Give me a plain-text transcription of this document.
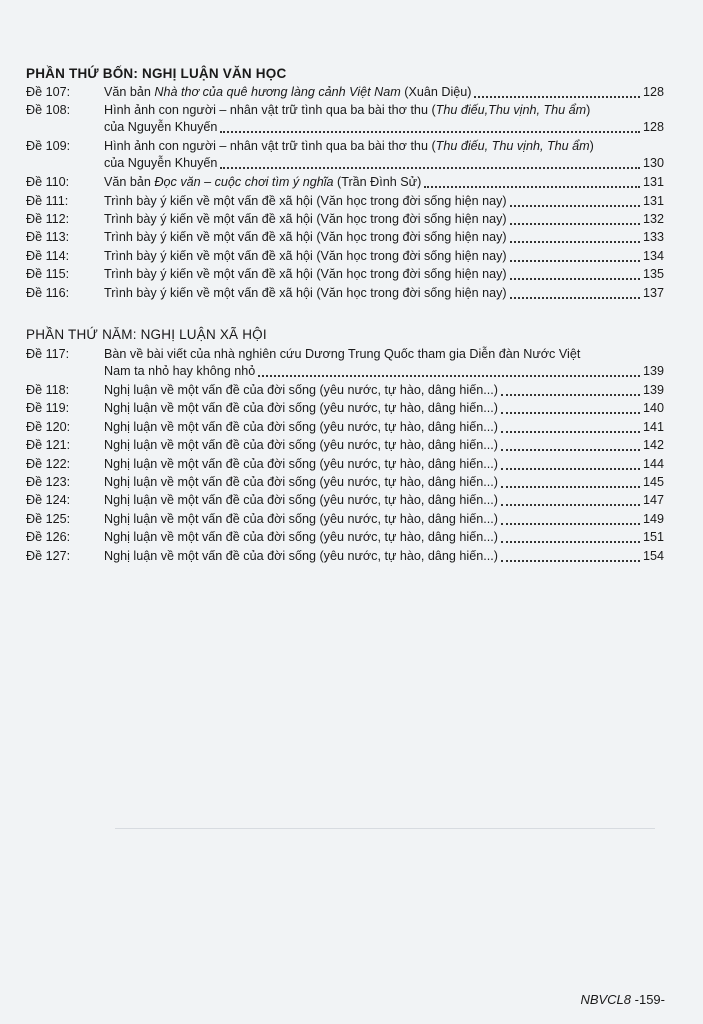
PHẦN THỨ BỐN: NGHỊ LUẬN VĂN HỌC
Đề 107:	Văn bản Nhà thơ của quê hương làng cảnh Việt Nam (Xuân Diệu)	128
Đề 108:	Hình ảnh con người – nhân vật trữ tình qua ba bài thơ thu (Thu điếu,Thu vịnh, Thu ẩm)
của Nguyễn Khuyến	128
Đề 109:	Hình ảnh con người – nhân vật trữ tình qua ba bài thơ thu (Thu điếu, Thu vịnh, Thu ẩm)
của Nguyễn Khuyến	130
Đề 110:	Văn bản Đọc văn – cuộc chơi tìm ý nghĩa (Trần Đình Sử)	131
Đề 111:	Trình bày ý kiến về một vấn đề xã hội (Văn học trong đời sống hiện nay)	131
Đề 112:	Trình bày ý kiến về một vấn đề xã hội (Văn học trong đời sống hiện nay)	132
Đề 113:	Trình bày ý kiến về một vấn đề xã hội (Văn học trong đời sống hiện nay)	133
Đề 114:	Trình bày ý kiến về một vấn đề xã hội (Văn học trong đời sống hiện nay)	134
Đề 115:	Trình bày ý kiến về một vấn đề xã hội (Văn học trong đời sống hiện nay)	135
Đề 116:	Trình bày ý kiến về một vấn đề xã hội (Văn học trong đời sống hiện nay)	137
PHẦN THỨ NĂM: NGHỊ LUẬN XÃ HỘI
Đề 117:	Bàn về bài viết của nhà nghiên cứu Dương Trung Quốc tham gia Diễn đàn Nước Việt
Nam ta nhỏ hay không nhỏ	139
Đề 118:	Nghị luận về một vấn đề của đời sống (yêu nước, tự hào, dâng hiến...)	139
Đề 119:	Nghị luận về một vấn đề của đời sống (yêu nước, tự hào, dâng hiến...)	140
Đề 120:	Nghị luận về một vấn đề của đời sống (yêu nước, tự hào, dâng hiến...)	141
Đề 121:	Nghị luận về một vấn đề của đời sống (yêu nước, tự hào, dâng hiến...)	142
Đề 122:	Nghị luận về một vấn đề của đời sống (yêu nước, tự hào, dâng hiến...)	144
Đề 123:	Nghị luận về một vấn đề của đời sống (yêu nước, tự hào, dâng hiến...)	145
Đề 124:	Nghị luận về một vấn đề của đời sống (yêu nước, tự hào, dâng hiến...)	147
Đề 125:	Nghị luận về một vấn đề của đời sống (yêu nước, tự hào, dâng hiến...)	149
Đề 126:	Nghị luận về một vấn đề của đời sống (yêu nước, tự hào, dâng hiến...)	151
Đề 127:	Nghị luận về một vấn đề của đời sống (yêu nước, tự hào, dâng hiến...)	154
NBVCL8 -159-
